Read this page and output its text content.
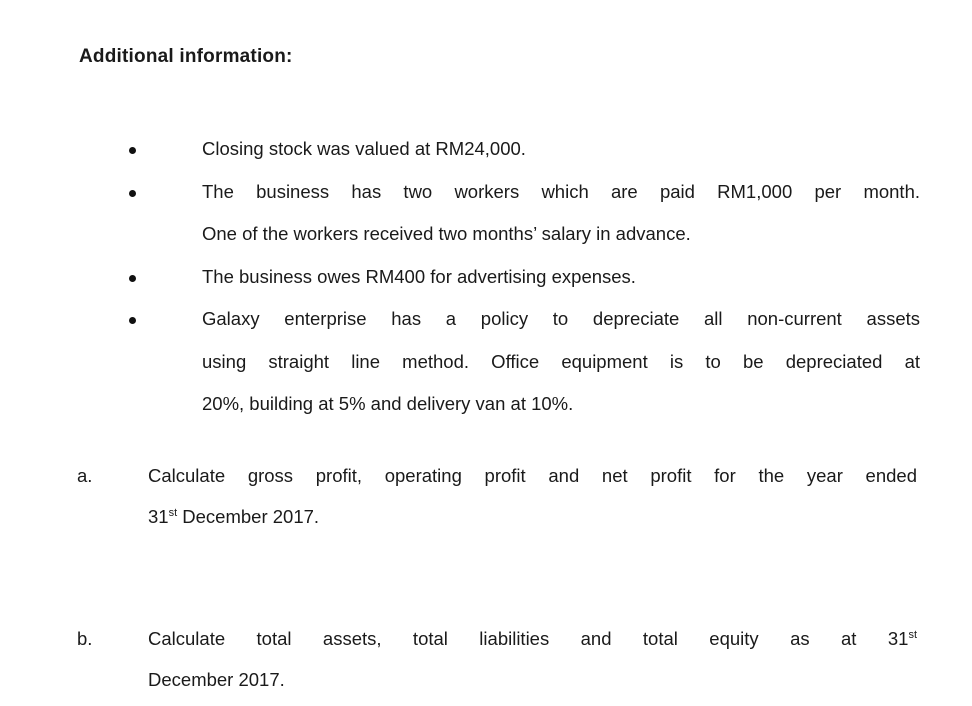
Additional information:
Closing stock was valued at RM24,000.
The business has two workers which are paid RM1,000 per month.
One of the workers received two months’ salary in advance.
The business owes RM400 for advertising expenses.
Galaxy enterprise has a policy to depreciate all non-current assets
using straight line method. Office equipment is to be depreciated at
20%, building at 5% and delivery van at 10%.
a.	Calculate gross profit, operating profit and net profit for the year ended
31st December 2017.
b.	Calculate total assets, total liabilities and total equity as at 31st
December 2017.
